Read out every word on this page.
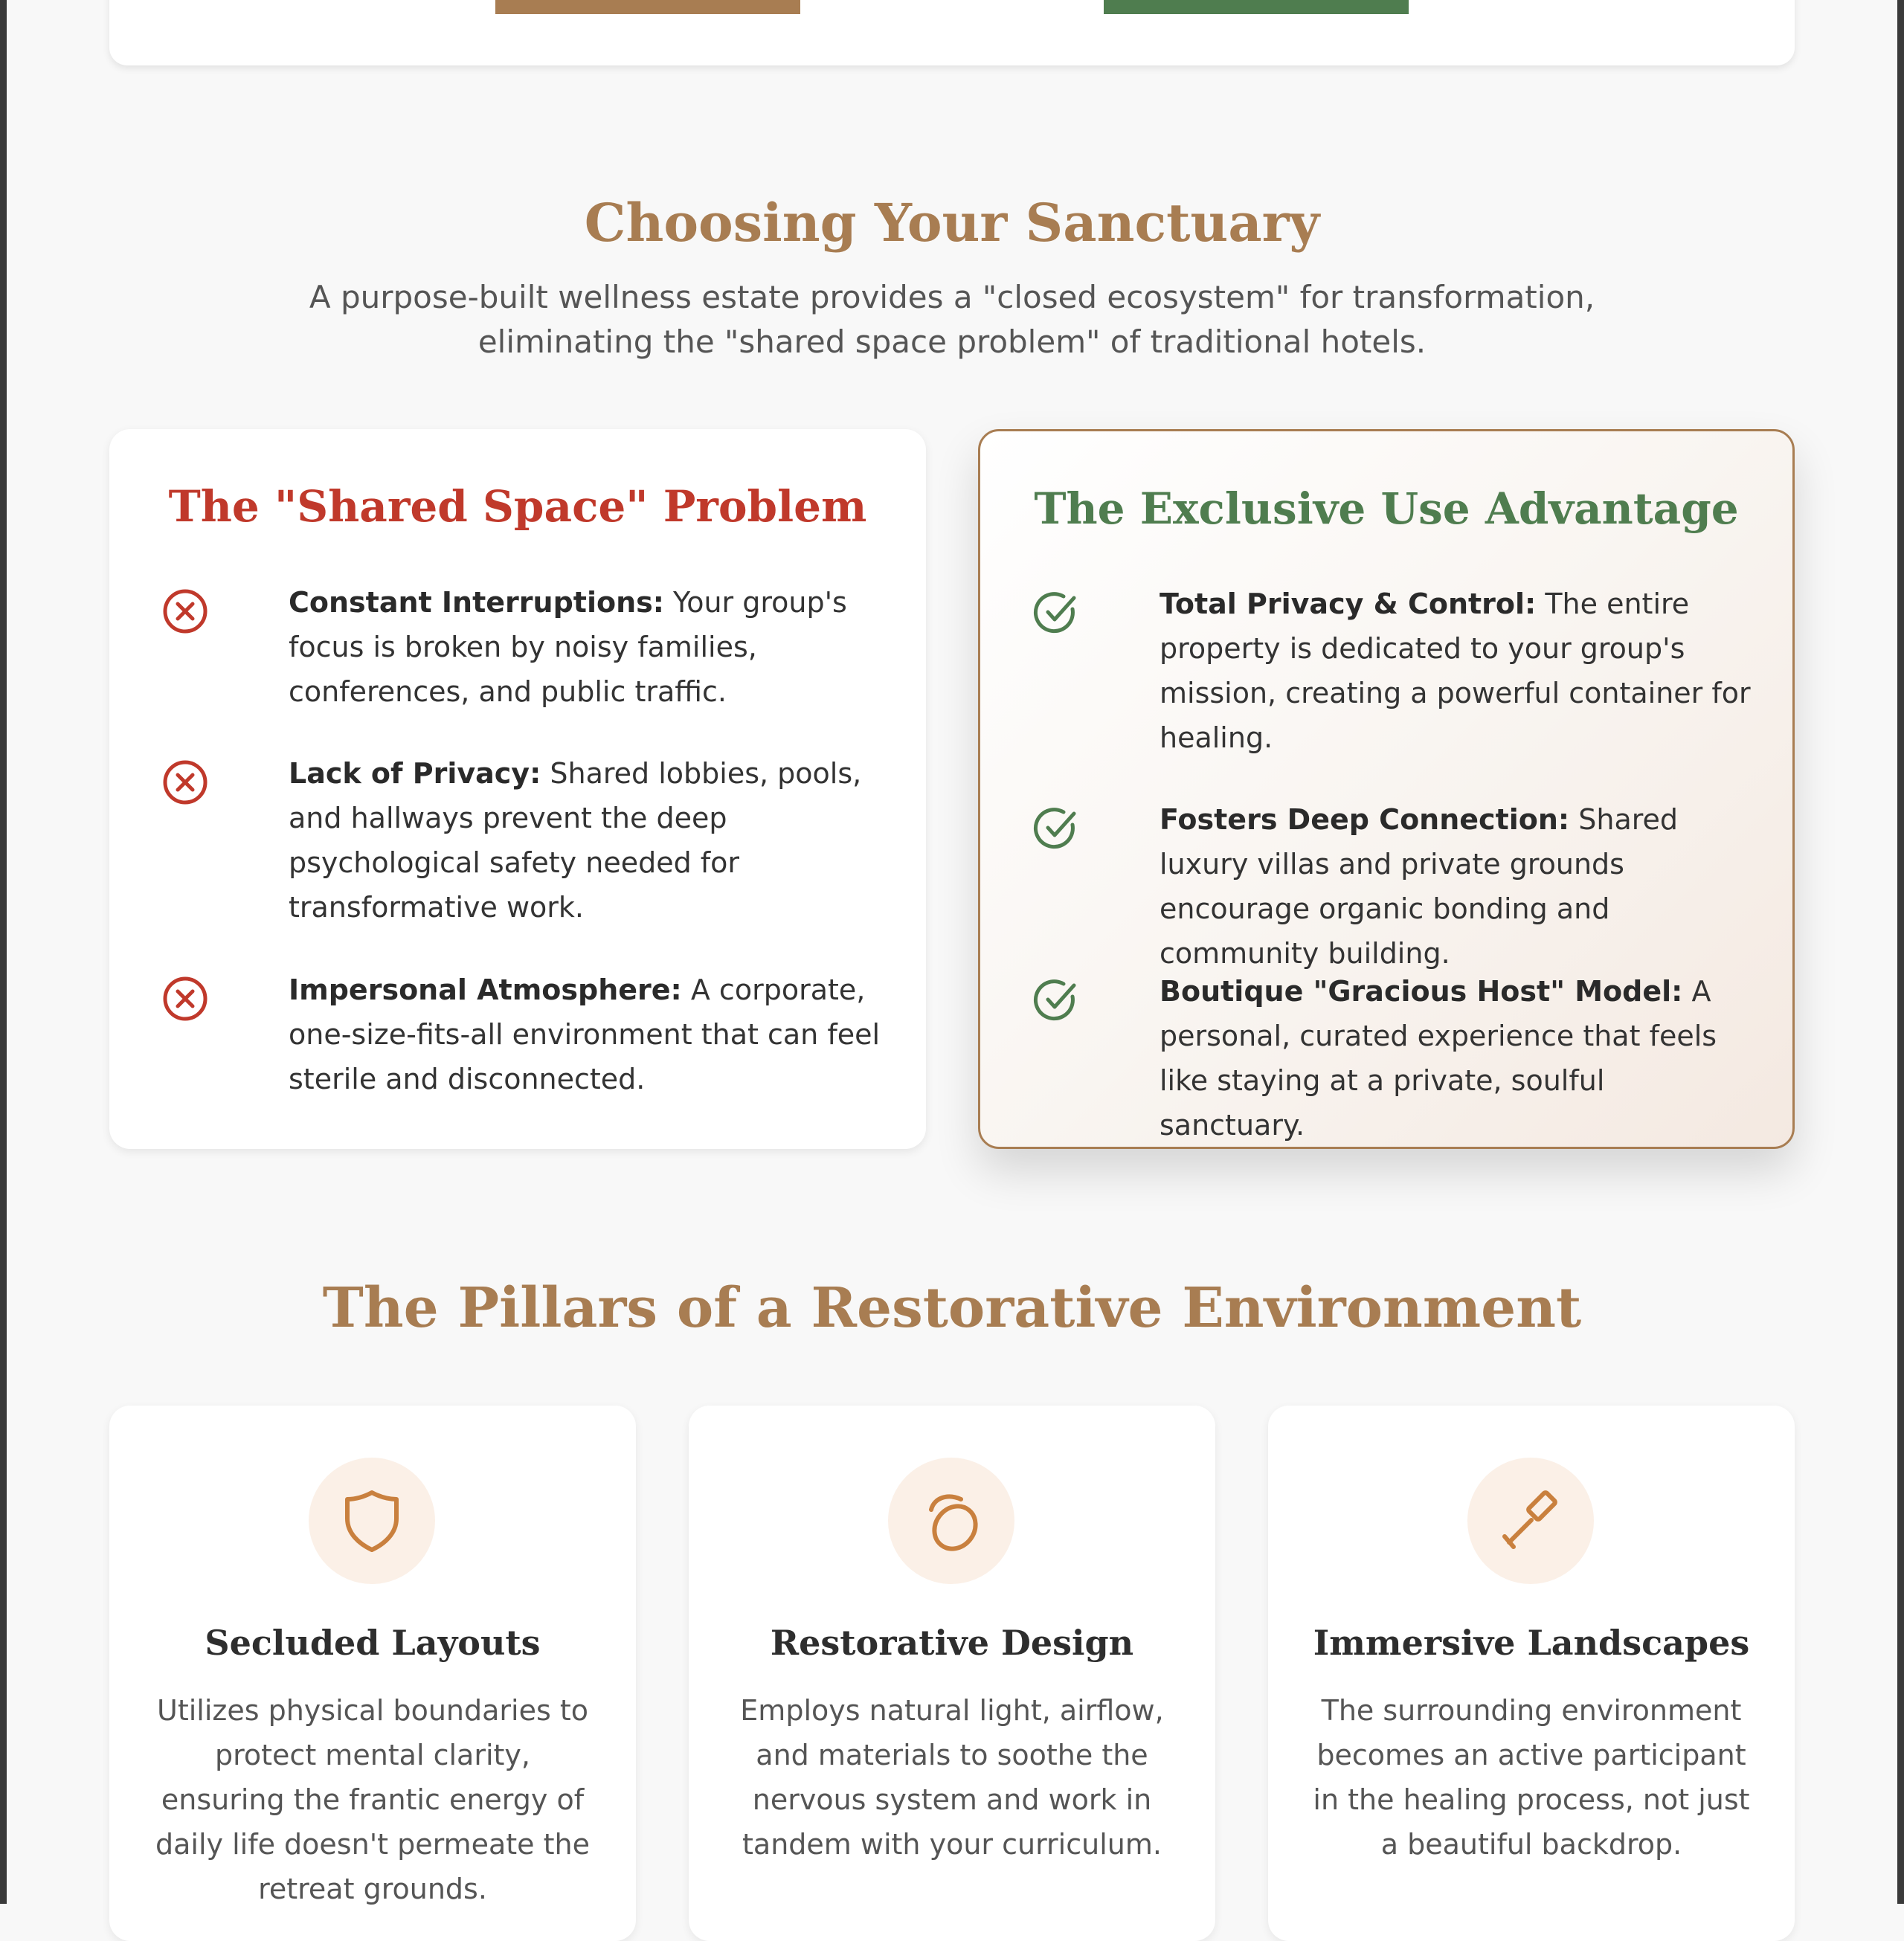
Choosing Your Sanctuary

A purpose-built wellness estate provides a "closed ecosystem" for transformation, eliminating the "shared space problem" of traditional hotels.

The "Shared Space" Problem
Constant Interruptions: Your group's focus is broken by noisy families, conferences, and public traffic.
Lack of Privacy: Shared lobbies, pools, and hallways prevent the deep psychological safety needed for transformative work.
Impersonal Atmosphere: A corporate, one-size-fits-all environment that can feel sterile and disconnected.
The Exclusive Use Advantage
Total Privacy & Control: The entire property is dedicated to your group's mission, creating a powerful container for healing.
Fosters Deep Connection: Shared luxury villas and private grounds encourage organic bonding and community building.
Boutique "Gracious Host" Model: A personal, curated experience that feels like staying at a private, soulful sanctuary.
The Pillars of a Restorative Environment
Secluded Layouts

Utilizes physical boundaries to protect mental clarity, ensuring the frantic energy of daily life doesn't permeate the retreat grounds.

Restorative Design

Employs natural light, airflow, and materials to soothe the nervous system and work in tandem with your curriculum.

Immersive Landscapes

The surrounding environment becomes an active participant in the healing process, not just a beautiful backdrop.
